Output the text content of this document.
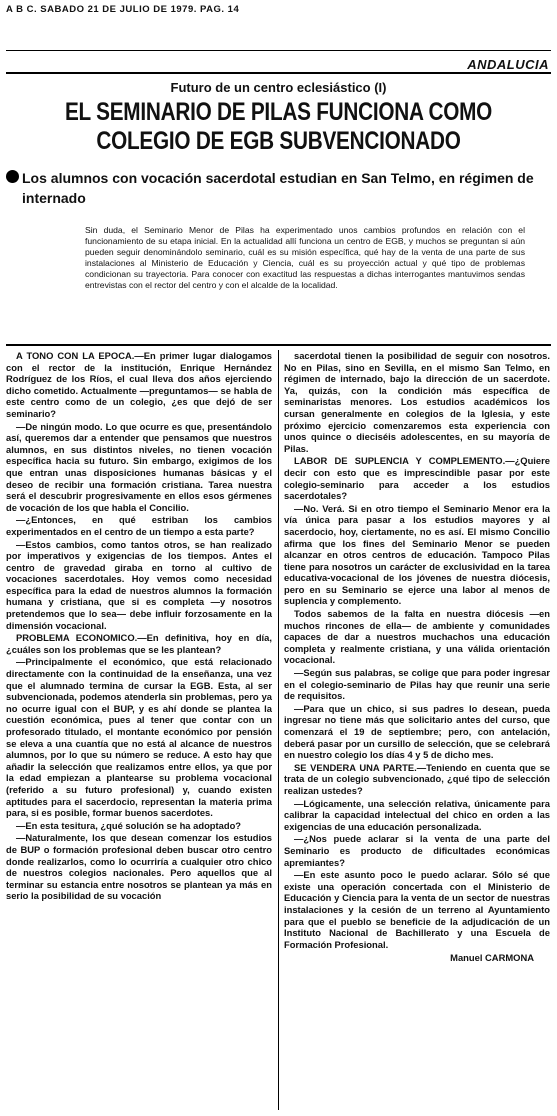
A B C. SABADO 21 DE JULIO DE 1979. PAG. 14
ANDALUCIA
Futuro de un centro eclesiástico (I)
EL SEMINARIO DE PILAS FUNCIONA COMO
COLEGIO DE EGB SUBVENCIONADO
Los alumnos con vocación sacerdotal estudian en San Telmo, en régimen de internado
Sin duda, el Seminario Menor de Pilas ha experimentado unos cambios profundos en relación con el funcionamiento de su etapa inicial. En la actualidad allí funciona un centro de EGB, y muchos se preguntan si aún pueden seguir denominándolo seminario, cuál es su misión específica, qué hay de la venta de una parte de sus instalaciones al Ministerio de Educación y Ciencia, cuál es su proyección actual y qué tipo de problemas condicionan su trayectoria. Para conocer con exactitud las respuestas a dichas interrogantes mantuvimos sendas entrevistas con el rector del centro y con el alcalde de la localidad.

A TONO CON LA EPOCA.—En primer lugar dialogamos con el rector de la institución, Enrique Hernández Rodríguez de los Ríos, el cual lleva dos años ejerciendo dicho cometido. Actualmente —preguntamos— se habla de este centro como de un colegio, ¿es que dejó de ser seminario?

—De ningún modo. Lo que ocurre es que, presentándolo así, queremos dar a entender que pensamos que nuestros alumnos, en sus distintos niveles, no tienen vocación específica hacia su futuro. Sin embargo, exigimos de los que entran unas disposiciones humanas básicas y el deseo de recibir una formación cristiana. Tarea nuestra será el descubrir progresivamente en ellos esos gérmenes de vocación de los que habla el Concilio.

—¿Entonces, en qué estriban los cambios experimentados en el centro de un tiempo a esta parte?

—Estos cambios, como tantos otros, se han realizado por imperativos y exigencias de los tiempos. Antes el centro de gravedad giraba en torno al cultivo de vocaciones sacerdotales. Hoy vemos como necesidad específica para la edad de nuestros alumnos la formación humana y cristiana, que si es completa —y nosotros pretendemos que lo sea— debe influir forzosamente en la dimensión vocacional.

PROBLEMA ECONOMICO.—En definitiva, hoy en día, ¿cuáles son los problemas que se les plantean?

—Principalmente el económico, que está relacionado directamente con la continuidad de la enseñanza, una vez que el alumnado termina de cursar la EGB. Esta, al ser subvencionada, podemos atenderla sin problemas, pero ya no ocurre igual con el BUP, y es ahí donde se plantea la cuestión económica, pues al tener que contar con un profesorado titulado, el montante económico por pensión se eleva a una cuantía que no está al alcance de nuestros alumnos, por lo que su número se reduce. A esto hay que añadir la selección que realizamos entre ellos, ya que por la edad empiezan a plantearse su problema vocacional (referido a su futuro profesional) y, cuando existen aptitudes para el sacerdocio, representan la materia prima para, si es posible, formar buenos sacerdotes.

—En esta tesitura, ¿qué solución se ha adoptado?

—Naturalmente, los que desean comenzar los estudios de BUP o formación profesional deben buscar otro centro donde realizarlos, como lo ocurriría a cualquier otro chico de nuestros colegios nacionales. Pero aquellos que al terminar su estancia entre nosotros se plantean ya más en serio la posibilidad de su vocación

sacerdotal tienen la posibilidad de seguir con nosotros. No en Pilas, sino en Sevilla, en el mismo San Telmo, en régimen de internado, bajo la dirección de un sacerdote. Ya, quizás, con la condición más específica de seminaristas menores. Los estudios académicos los cursan generalmente en colegios de la Iglesia, y este próximo ejercicio comenzaremos esta experiencia con unos quince o dieciséis adolescentes, en su mayoría de Pilas.

LABOR DE SUPLENCIA Y COMPLEMENTO.—¿Quiere decir con esto que es imprescindible pasar por este colegio-seminario para acceder a los estudios sacerdotales?

—No. Verá. Si en otro tiempo el Seminario Menor era la vía única para pasar a los estudios mayores y al sacerdocio, hoy, ciertamente, no es así. El mismo Concilio afirma que los fines del Seminario Menor se pueden alcanzar en otros centros de educación. Tampoco Pilas tiene para nosotros un carácter de exclusividad en la tarea educativa-vocacional de los jóvenes de nuestra diócesis, pero en su Seminario se ejerce una labor al menos de suplencia y complemento.

Todos sabemos de la falta en nuestra diócesis —en muchos rincones de ella— de ambiente y comunidades capaces de dar a nuestros muchachos una educación completa y realmente cristiana, y una válida orientación vocacional.

—Según sus palabras, se colige que para poder ingresar en el colegio-seminario de Pilas hay que reunir una serie de requisitos.

—Para que un chico, si sus padres lo desean, pueda ingresar no tiene más que solicitario antes del curso, que comenzará el 19 de septiembre; pero, con antelación, deberá pasar por un cursillo de selección, que se celebrará en nuestro colegio los días 4 y 5 de dicho mes.

SE VENDERA UNA PARTE.—Teniendo en cuenta que se trata de un colegio subvencionado, ¿qué tipo de selección realizan ustedes?

—Lógicamente, una selección relativa, únicamente para calibrar la capacidad intelectual del chico en orden a las exigencias de una educación personalizada.

—¿Nos puede aclarar si la venta de una parte del Seminario es producto de dificultades económicas apremiantes?

—En este asunto poco le puedo aclarar. Sólo sé que existe una operación concertada con el Ministerio de Educación y Ciencia para la venta de un sector de nuestras instalaciones y la cesión de un terreno al Ayuntamiento para que el pueblo se beneficie de la adjudicación de un Instituto Nacional de Bachillerato y una Escuela de Formación Profesional.

Manuel CARMONA
